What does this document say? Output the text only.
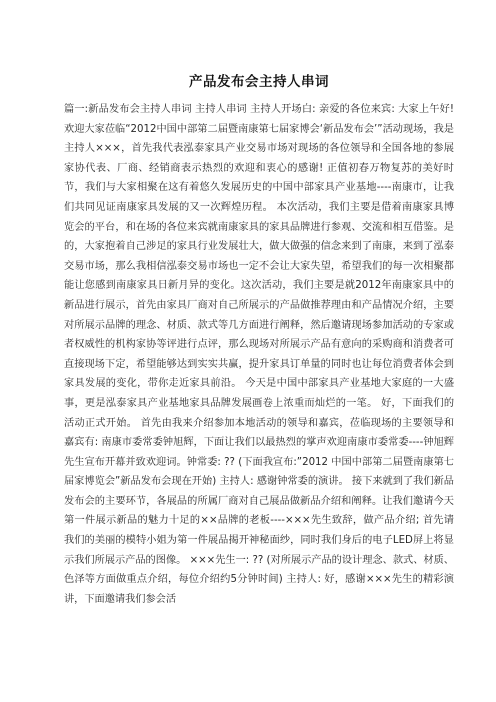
产品发布会主持人串词

篇一:新品发布会主持人串词 主持人串词 主持人开场白: 亲爱的各位来宾: 大家上午好! 欢迎大家莅临“2012中国中部第二届暨南康第七届家博会‘新品发布会’”活动现场，我是主持人×××，首先我代表泓泰家具产业交易市场对现场的各位领导和全国各地的参展家协代表、厂商、经销商表示热烈的欢迎和衷心的感谢! 正值初春万物复苏的美好时节，我们与大家相聚在这有着悠久发展历史的中国中部家具产业基地----南康市，让我们共同见证南康家具发展的又一次辉煌历程。 本次活动，我们主要是借着南康家具博览会的平台，和在场的各位来宾就南康家具的家具品牌进行参观、交流和相互借鉴。是的，大家抱着自己涉足的家具行业发展壮大，做大做强的信念来到了南康，来到了泓泰交易市场，那么我相信泓泰交易市场也一定不会让大家失望，希望我们的每一次相聚都能让您感到南康家具日新月异的变化。这次活动，我们主要是就2012年南康家具中的新品进行展示，首先由家具厂商对自己所展示的产品做推荐理由和产品情况介绍，主要对所展示品牌的理念、材质、款式等几方面进行阐释，然后邀请现场参加活动的专家或者权威性的机构家协等评进行点评，那么现场对所展示产品有意向的采购商和消费者可直接现场下定，希望能够达到实实共赢，提升家具订单量的同时也让每位消费者体会到家具发展的变化，带你走近家具前沿。 今天是中国中部家具产业基地大家庭的一大盛事，更是泓泰家具产业基地家具品牌发展画卷上浓重而灿烂的一笔。 好，下面我们的活动正式开始。 首先由我来介绍参加本地活动的领导和嘉宾，莅临现场的主要领导和嘉宾有: 南康市委常委钟旭辉，下面让我们以最热烈的掌声欢迎南康市委常委----钟旭辉先生宣布开幕并致欢迎词。钟常委: ?? (下面我宣布:”2012 中国中部第二届暨南康第七届家博览会”新品发布会现在开始) 主持人: 感谢钟常委的演讲。 接下来就到了我们新品发布会的主要环节，各展品的所属厂商对自己展品做新品介绍和阐释。让我们邀请今天第一件展示新品的魅力十足的××品牌的老板----×××先生致辞，做产品介绍; 首先请我们的美丽的模特小姐为第一件展品揭开神秘面纱，同时我们身后的电子LED屏上将显示我们所展示产品的图像。 ×××先生一: ?? (对所展示产品的设计理念、款式、材质、色泽等方面做重点介绍，每位介绍约5分钟时间) 主持人: 好，感谢×××先生的精彩演讲，下面邀请我们参会活
